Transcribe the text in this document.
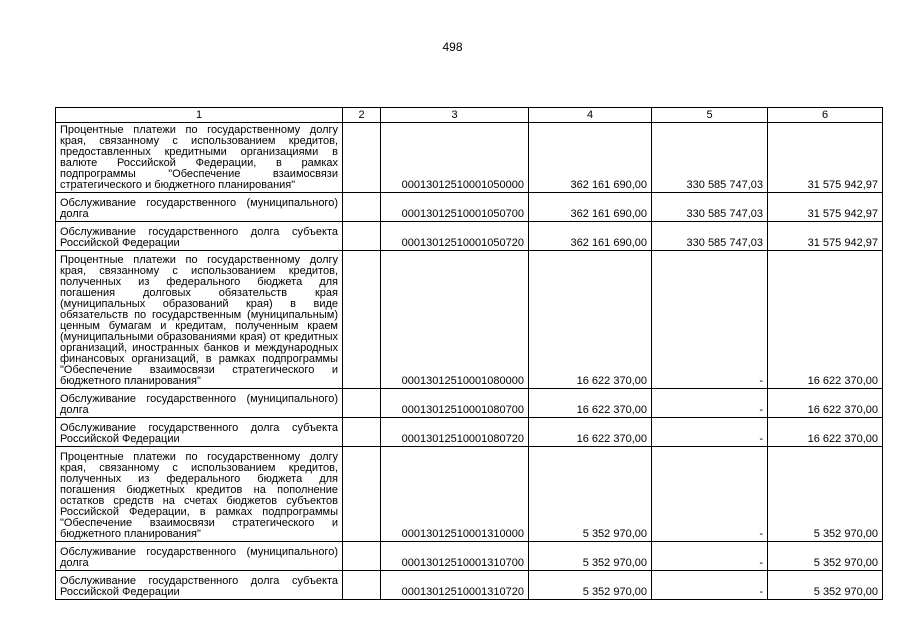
498
1	2	3	4	5	6
Процентные платежи по государственному долгу края, связанному с использованием кредитов, предоставленных кредитными организациями в валюте Российской Федерации, в рамках подпрограммы "Обеспечение взаимосвязи стратегического и бюджетного планирования"		00013012510001050000	362 161 690,00	330 585 747,03	31 575 942,97
Обслуживание государственного (муниципального) долга		00013012510001050700	362 161 690,00	330 585 747,03	31 575 942,97
Обслуживание государственного долга субъекта Российской Федерации		00013012510001050720	362 161 690,00	330 585 747,03	31 575 942,97
Процентные платежи по государственному долгу края, связанному с использованием кредитов, полученных из федерального бюджета для погашения долговых обязательств края (муниципальных образований края) в виде обязательств по государственным (муниципальным) ценным бумагам и кредитам, полученным краем (муниципальными образованиями края) от кредитных организаций, иностранных банков и международных финансовых организаций, в рамках подпрограммы "Обеспечение взаимосвязи стратегического и бюджетного планирования"		00013012510001080000	16 622 370,00	-	16 622 370,00
Обслуживание государственного (муниципального) долга		00013012510001080700	16 622 370,00	-	16 622 370,00
Обслуживание государственного долга субъекта Российской Федерации		00013012510001080720	16 622 370,00	-	16 622 370,00
Процентные платежи по государственному долгу края, связанному с использованием кредитов, полученных из федерального бюджета для погашения бюджетных кредитов на пополнение остатков средств на счетах бюджетов субъектов Российской Федерации, в рамках подпрограммы "Обеспечение взаимосвязи стратегического и бюджетного планирования"		00013012510001310000	5 352 970,00	-	5 352 970,00
Обслуживание государственного (муниципального) долга		00013012510001310700	5 352 970,00	-	5 352 970,00
Обслуживание государственного долга субъекта Российской Федерации		00013012510001310720	5 352 970,00	-	5 352 970,00
